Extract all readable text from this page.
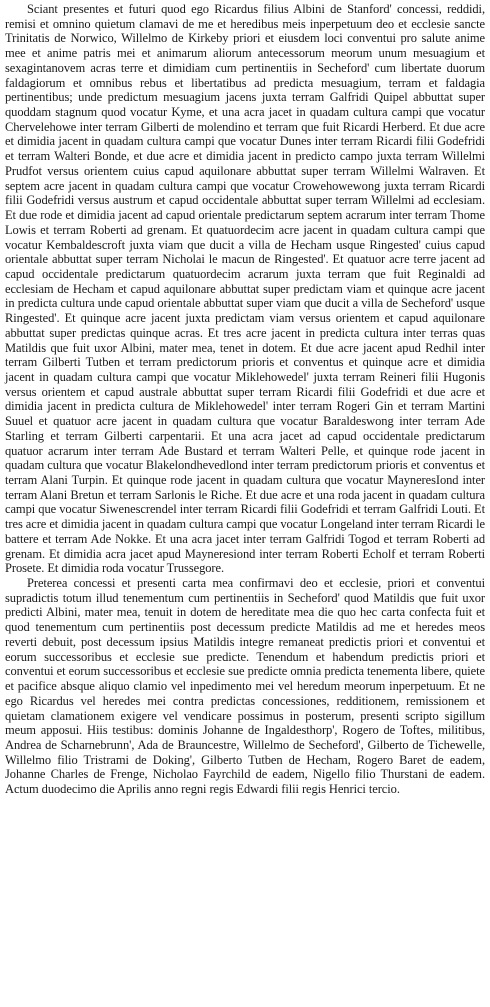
Sciant presentes et futuri quod ego Ricardus filius Albini de Stanford' concessi, reddidi, remisi et omnino quietum clamavi de me et heredibus meis inperpetuum deo et ecclesie sancte Trinitatis de Norwico, Willelmo de Kirkeby priori et eiusdem loci conventui pro salute anime mee et anime patris mei et animarum aliorum antecessorum meorum unum mesuagium et sexagintanovem acras terre et dimidiam cum pertinentiis in Secheford' cum libertate duorum faldagiorum et omnibus rebus et libertatibus ad predicta mesuagium, terram et faldagia pertinentibus; unde predictum mesuagium jacens juxta terram Galfridi Quipel abbuttat super quoddam stagnum quod vocatur Kyme, et una acra jacet in quadam cultura campi que vocatur Chervelehowe inter terram Gilberti de molendino et terram que fuit Ricardi Herberd. Et due acre et dimidia jacent in quadam cultura campi que vocatur Dunes inter terram Ricardi filii Godefridi et terram Walteri Bonde, et due acre et dimidia jacent in predicto campo juxta terram Willelmi Prudfot versus orientem cuius capud aquilonare abbuttat super terram Willelmi Walraven. Et septem acre jacent in quadam cultura campi que vocatur Crowehowewong juxta terram Ricardi filii Godefridi versus austrum et capud occidentale abbuttat super terram Willelmi ad ecclesiam. Et due rode et dimidia jacent ad capud orientale predictarum septem acrarum inter terram Thome Lowis et terram Roberti ad grenam. Et quatuordecim acre jacent in quadam cultura campi que vocatur Kembaldescroft juxta viam que ducit a villa de Hecham usque Ringested' cuius capud orientale abbuttat super terram Nicholai le macun de Ringested'. Et quatuor acre terre jacent ad capud occidentale predictarum quatuordecim acrarum juxta terram que fuit Reginaldi ad ecclesiam de Hecham et capud aquilonare abbuttat super predictam viam et quinque acre jacent in predicta cultura unde capud orientale abbuttat super viam que ducit a villa de Secheford' usque Ringested'. Et quinque acre jacent juxta predictam viam versus orientem et capud aquilonare abbuttat super predictas quinque acras. Et tres acre jacent in predicta cultura inter terras quas Matildis que fuit uxor Albini, mater mea, tenet in dotem. Et due acre jacent apud Redhil inter terram Gilberti Tutben et terram predictorum prioris et conventus et quinque acre et dimidia jacent in quadam cultura campi que vocatur Miklehowedel' juxta terram Reineri filii Hugonis versus orientem et capud australe abbuttat super terram Ricardi filii Godefridi et due acre et dimidia jacent in predicta cultura de Miklehowedel' inter terram Rogeri Gin et terram Martini Suuel et quatuor acre jacent in quadam cultura que vocatur Baraldeswong inter terram Ade Starling et terram Gilberti carpentarii. Et una acra jacet ad capud occidentale predictarum quatuor acrarum inter terram Ade Bustard et terram Walteri Pelle, et quinque rode jacent in quadam cultura que vocatur Blakelondhevedlond inter terram predictorum prioris et conventus et terram Alani Turpin. Et quinque rode jacent in quadam cultura que vocatur MayneresIond inter terram Alani Bretun et terram Sarlonis le Riche. Et due acre et una roda jacent in quadam cultura campi que vocatur Siwenescrendel inter terram Ricardi filii Godefridi et terram Galfridi Louti. Et tres acre et dimidia jacent in quadam cultura campi que vocatur Longeland inter terram Ricardi le battere et terram Ade Nokke. Et una acra jacet inter terram Galfridi Togod et terram Roberti ad grenam. Et dimidia acra jacet apud Mayneresiond inter terram Roberti Echolf et terram Roberti Prosete. Et dimidia roda vocatur Trussegore.

Preterea concessi et presenti carta mea confirmavi deo et ecclesie, priori et conventui supradictis totum illud tenementum cum pertinentiis in Secheford' quod Matildis que fuit uxor predicti Albini, mater mea, tenuit in dotem de hereditate mea die quo hec carta confecta fuit et quod tenementum cum pertinentiis post decessum predicte Matildis ad me et heredes meos reverti debuit, post decessum ipsius Matildis integre remaneat predictis priori et conventui et eorum successoribus et ecclesie sue predicte. Tenendum et habendum predictis priori et conventui et eorum successoribus et ecclesie sue predicte omnia predicta tenementa libere, quiete et pacifice absque aliquo clamio vel inpedimento mei vel heredum meorum inperpetuum. Et ne ego Ricardus vel heredes mei contra predictas concessiones, redditionem, remissionem et quietam clamationem exigere vel vendicare possimus in posterum, presenti scripto sigillum meum apposui. Hiis testibus: dominis Johanne de Ingaldesthorp', Rogero de Toftes, militibus, Andrea de Scharnebrunn', Ada de Brauncestre, Willelmo de Secheford', Gilberto de Tichewelle, Willelmo filio Tristrami de Doking', Gilberto Tutben de Hecham, Rogero Baret de eadem, Johanne Charles de Frenge, Nicholao Fayrchild de eadem, Nigello filio Thurstani de eadem. Actum duodecimo die Aprilis anno regni regis Edwardi filii regis Henrici tercio.
